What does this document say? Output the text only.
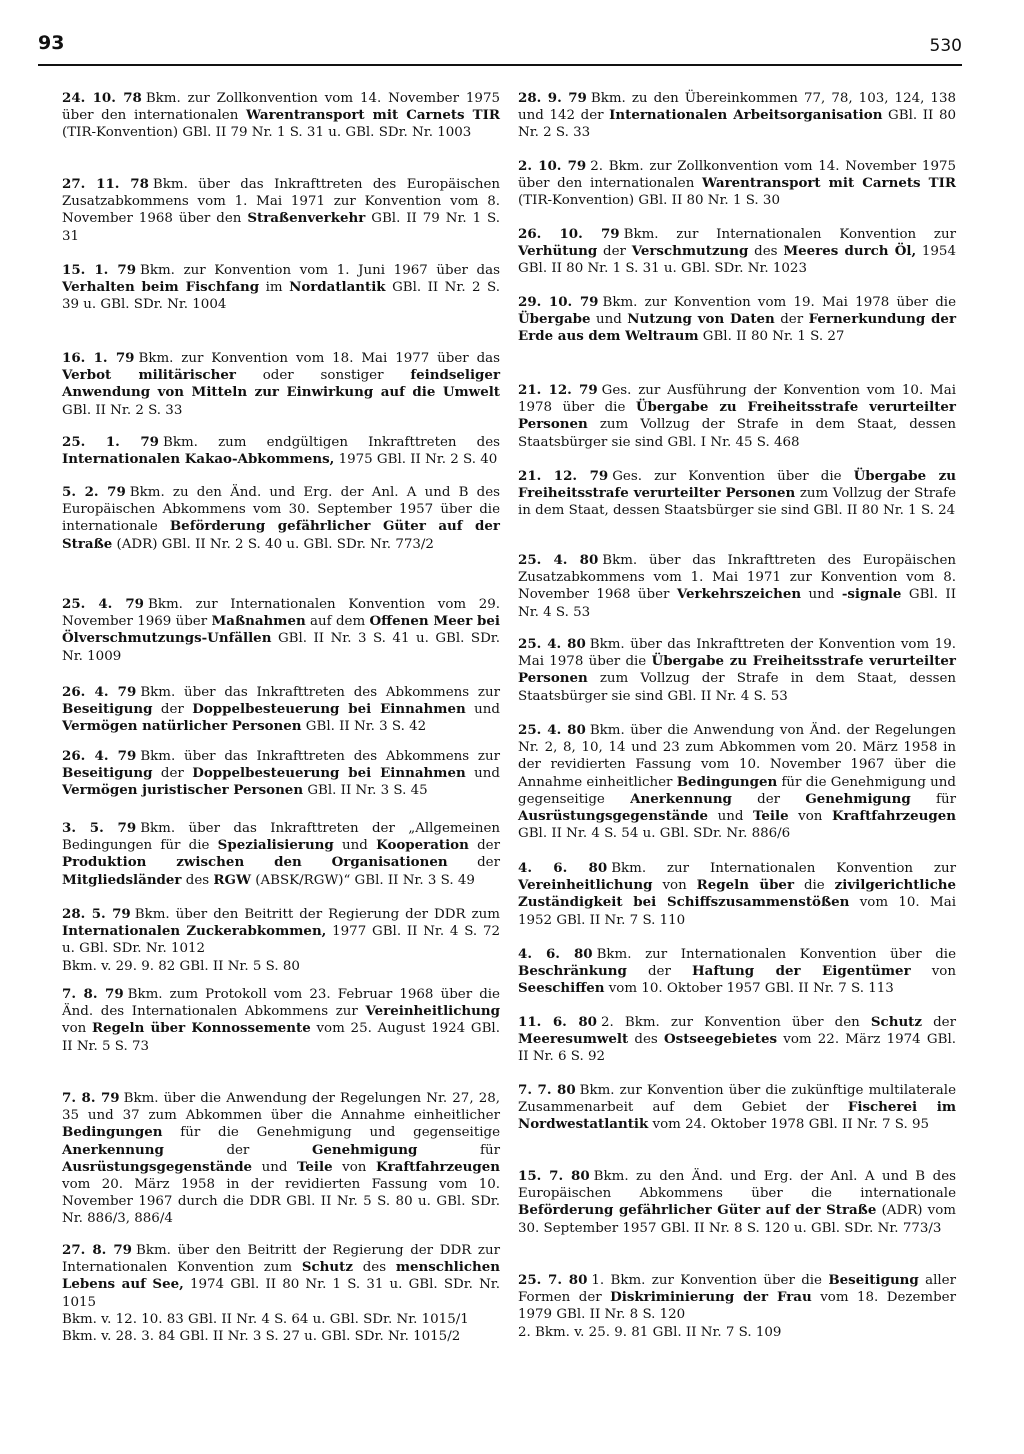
93	530

24. 10. 78 Bkm. zur Zollkonvention vom 14. November 1975 über den internationalen Warentransport mit Carnets TIR (TIR-Konvention) GBl. II 79 Nr. 1 S. 31 u. GBl. SDr. Nr. 1003

27. 11. 78 Bkm. über das Inkrafttreten des Europäischen Zusatzabkommens vom 1. Mai 1971 zur Konvention vom 8. November 1968 über den Straßenverkehr GBl. II 79 Nr. 1 S. 31

15. 1. 79 Bkm. zur Konvention vom 1. Juni 1967 über das Verhalten beim Fischfang im Nordatlantik GBl. II Nr. 2 S. 39 u. GBl. SDr. Nr. 1004

16. 1. 79 Bkm. zur Konvention vom 18. Mai 1977 über das Verbot militärischer oder sonstiger feindseliger Anwendung von Mitteln zur Einwirkung auf die Umwelt GBl. II Nr. 2 S. 33

25. 1. 79 Bkm. zum endgültigen Inkrafttreten des Internationalen Kakao-Abkommens, 1975 GBl. II Nr. 2 S. 40

5. 2. 79 Bkm. zu den Änd. und Erg. der Anl. A und B des Europäischen Abkommens vom 30. September 1957 über die internationale Beförderung gefährlicher Güter auf der Straße (ADR) GBl. II Nr. 2 S. 40 u. GBl. SDr. Nr. 773/2

25. 4. 79 Bkm. zur Internationalen Konvention vom 29. November 1969 über Maßnahmen auf dem Offenen Meer bei Ölverschmutzungs-Unfällen GBl. II Nr. 3 S. 41 u. GBl. SDr. Nr. 1009

26. 4. 79 Bkm. über das Inkrafttreten des Abkommens zur Beseitigung der Doppelbesteuerung bei Einnahmen und Vermögen natürlicher Personen GBl. II Nr. 3 S. 42

26. 4. 79 Bkm. über das Inkrafttreten des Abkommens zur Beseitigung der Doppelbesteuerung bei Einnahmen und Vermögen juristischer Personen GBl. II Nr. 3 S. 45

3. 5. 79 Bkm. über das Inkrafttreten der „Allgemeinen Bedingungen für die Spezialisierung und Kooperation der Produktion zwischen den Organisationen der Mitgliedsländer des RGW (ABSK/RGW)“ GBl. II Nr. 3 S. 49

28. 5. 79 Bkm. über den Beitritt der Regierung der DDR zum Internationalen Zuckerabkommen, 1977 GBl. II Nr. 4 S. 72 u. GBl. SDr. Nr. 1012
Bkm. v. 29. 9. 82 GBl. II Nr. 5 S. 80

7. 8. 79 Bkm. zum Protokoll vom 23. Februar 1968 über die Änd. des Internationalen Abkommens zur Vereinheitlichung von Regeln über Konnossemente vom 25. August 1924 GBl. II Nr. 5 S. 73

7. 8. 79 Bkm. über die Anwendung der Regelungen Nr. 27, 28, 35 und 37 zum Abkommen über die Annahme einheitlicher Bedingungen für die Genehmigung und gegenseitige Anerkennung der Genehmigung für Ausrüstungsgegenstände und Teile von Kraftfahrzeugen vom 20. März 1958 in der revidierten Fassung vom 10. November 1967 durch die DDR GBl. II Nr. 5 S. 80 u. GBl. SDr. Nr. 886/3, 886/4

27. 8. 79 Bkm. über den Beitritt der Regierung der DDR zur Internationalen Konvention zum Schutz des menschlichen Lebens auf See, 1974 GBl. II 80 Nr. 1 S. 31 u. GBl. SDr. Nr. 1015
Bkm. v. 12. 10. 83 GBl. II Nr. 4 S. 64 u. GBl. SDr. Nr. 1015/1
Bkm. v. 28. 3. 84 GBl. II Nr. 3 S. 27 u. GBl. SDr. Nr. 1015/2

28. 9. 79 Bkm. zu den Übereinkommen 77, 78, 103, 124, 138 und 142 der Internationalen Arbeitsorganisation GBl. II 80 Nr. 2 S. 33

2. 10. 79 2. Bkm. zur Zollkonvention vom 14. November 1975 über den internationalen Warentransport mit Carnets TIR (TIR-Konvention) GBl. II 80 Nr. 1 S. 30

26. 10. 79 Bkm. zur Internationalen Konvention zur Verhütung der Verschmutzung des Meeres durch Öl, 1954 GBl. II 80 Nr. 1 S. 31 u. GBl. SDr. Nr. 1023

29. 10. 79 Bkm. zur Konvention vom 19. Mai 1978 über die Übergabe und Nutzung von Daten der Fernerkundung der Erde aus dem Weltraum GBl. II 80 Nr. 1 S. 27

21. 12. 79 Ges. zur Ausführung der Konvention vom 10. Mai 1978 über die Übergabe zu Freiheitsstrafe verurteilter Personen zum Vollzug der Strafe in dem Staat, dessen Staatsbürger sie sind GBl. I Nr. 45 S. 468

21. 12. 79 Ges. zur Konvention über die Übergabe zu Freiheitsstrafe verurteilter Personen zum Vollzug der Strafe in dem Staat, dessen Staatsbürger sie sind GBl. II 80 Nr. 1 S. 24

25. 4. 80 Bkm. über das Inkrafttreten des Europäischen Zusatzabkommens vom 1. Mai 1971 zur Konvention vom 8. November 1968 über Verkehrszeichen und -signale GBl. II Nr. 4 S. 53

25. 4. 80 Bkm. über das Inkrafttreten der Konvention vom 19. Mai 1978 über die Übergabe zu Freiheitsstrafe verurteilter Personen zum Vollzug der Strafe in dem Staat, dessen Staatsbürger sie sind GBl. II Nr. 4 S. 53

25. 4. 80 Bkm. über die Anwendung von Änd. der Regelungen Nr. 2, 8, 10, 14 und 23 zum Abkommen vom 20. März 1958 in der revidierten Fassung vom 10. November 1967 über die Annahme einheitlicher Bedingungen für die Genehmigung und gegenseitige Anerkennung der Genehmigung für Ausrüstungsgegenstände und Teile von Kraftfahrzeugen GBl. II Nr. 4 S. 54 u. GBl. SDr. Nr. 886/6

4. 6. 80 Bkm. zur Internationalen Konvention zur Vereinheitlichung von Regeln über die zivilgerichtliche Zuständigkeit bei Schiffszusammenstößen vom 10. Mai 1952 GBl. II Nr. 7 S. 110

4. 6. 80 Bkm. zur Internationalen Konvention über die Beschränkung der Haftung der Eigentümer von Seeschiffen vom 10. Oktober 1957 GBl. II Nr. 7 S. 113

11. 6. 80 2. Bkm. zur Konvention über den Schutz der Meeresumwelt des Ostseegebietes vom 22. März 1974 GBl. II Nr. 6 S. 92

7. 7. 80 Bkm. zur Konvention über die zukünftige multilaterale Zusammenarbeit auf dem Gebiet der Fischerei im Nordwestatlantik vom 24. Oktober 1978 GBl. II Nr. 7 S. 95

15. 7. 80 Bkm. zu den Änd. und Erg. der Anl. A und B des Europäischen Abkommens über die internationale Beförderung gefährlicher Güter auf der Straße (ADR) vom 30. September 1957 GBl. II Nr. 8 S. 120 u. GBl. SDr. Nr. 773/3

25. 7. 80 1. Bkm. zur Konvention über die Beseitigung aller Formen der Diskriminierung der Frau vom 18. Dezember 1979 GBl. II Nr. 8 S. 120
2. Bkm. v. 25. 9. 81 GBl. II Nr. 7 S. 109
